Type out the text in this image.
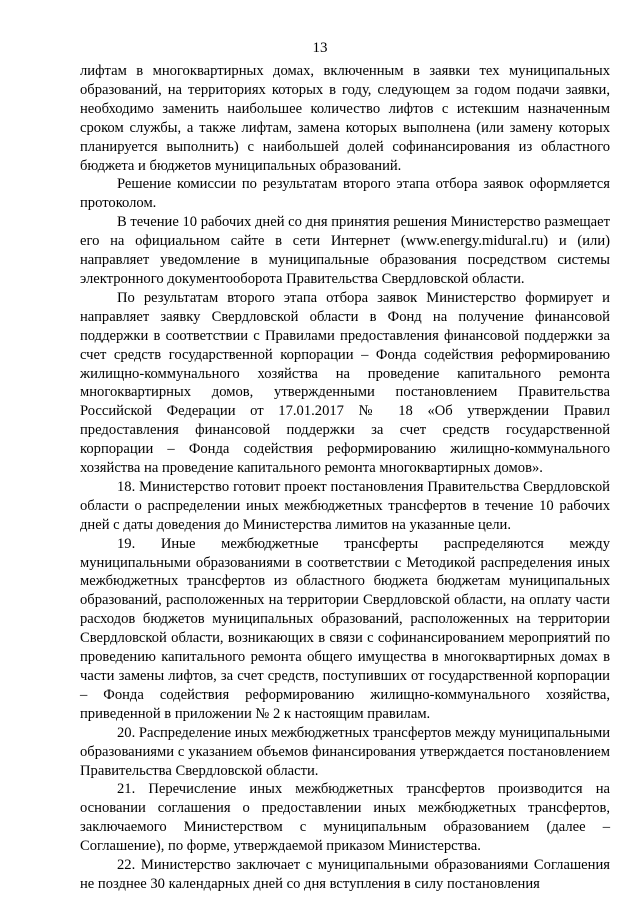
13

лифтам в многоквартирных домах, включенным в заявки тех муниципальных образований, на территориях которых в году, следующем за годом подачи заявки, необходимо заменить наибольшее количество лифтов с истекшим назначенным сроком службы, а также лифтам, замена которых выполнена (или замену которых планируется выполнить) с наибольшей долей софинансирования из областного бюджета и бюджетов муниципальных образований.

Решение комиссии по результатам второго этапа отбора заявок оформляется протоколом.

В течение 10 рабочих дней со дня принятия решения Министерство размещает его на официальном сайте в сети Интернет (www.energy.midural.ru) и (или) направляет уведомление в муниципальные образования посредством системы электронного документооборота Правительства Свердловской области.

По результатам второго этапа отбора заявок Министерство формирует и направляет заявку Свердловской области в Фонд на получение финансовой поддержки в соответствии с Правилами предоставления финансовой поддержки за счет средств государственной корпорации – Фонда содействия реформированию жилищно-коммунального хозяйства на проведение капитального ремонта многоквартирных домов, утвержденными постановлением Правительства Российской Федерации от 17.01.2017 № 18 «Об утверждении Правил предоставления финансовой поддержки за счет средств государственной корпорации – Фонда содействия реформированию жилищно-коммунального хозяйства на проведение капитального ремонта многоквартирных домов».

18. Министерство готовит проект постановления Правительства Свердловской области о распределении иных межбюджетных трансфертов в течение 10 рабочих дней с даты доведения до Министерства лимитов на указанные цели.

19. Иные межбюджетные трансферты распределяются между муниципальными образованиями в соответствии с Методикой распределения иных межбюджетных трансфертов из областного бюджета бюджетам муниципальных образований, расположенных на территории Свердловской области, на оплату части расходов бюджетов муниципальных образований, расположенных на территории Свердловской области, возникающих в связи с софинансированием мероприятий по проведению капитального ремонта общего имущества в многоквартирных домах в части замены лифтов, за счет средств, поступивших от государственной корпорации – Фонда содействия реформированию жилищно-коммунального хозяйства, приведенной в приложении № 2 к настоящим правилам.

20. Распределение иных межбюджетных трансфертов между муниципальными образованиями с указанием объемов финансирования утверждается постановлением Правительства Свердловской области.

21. Перечисление иных межбюджетных трансфертов производится на основании соглашения о предоставлении иных межбюджетных трансфертов, заключаемого Министерством с муниципальным образованием (далее – Соглашение), по форме, утверждаемой приказом Министерства.

22. Министерство заключает с муниципальными образованиями Соглашения не позднее 30 календарных дней со дня вступления в силу постановления
